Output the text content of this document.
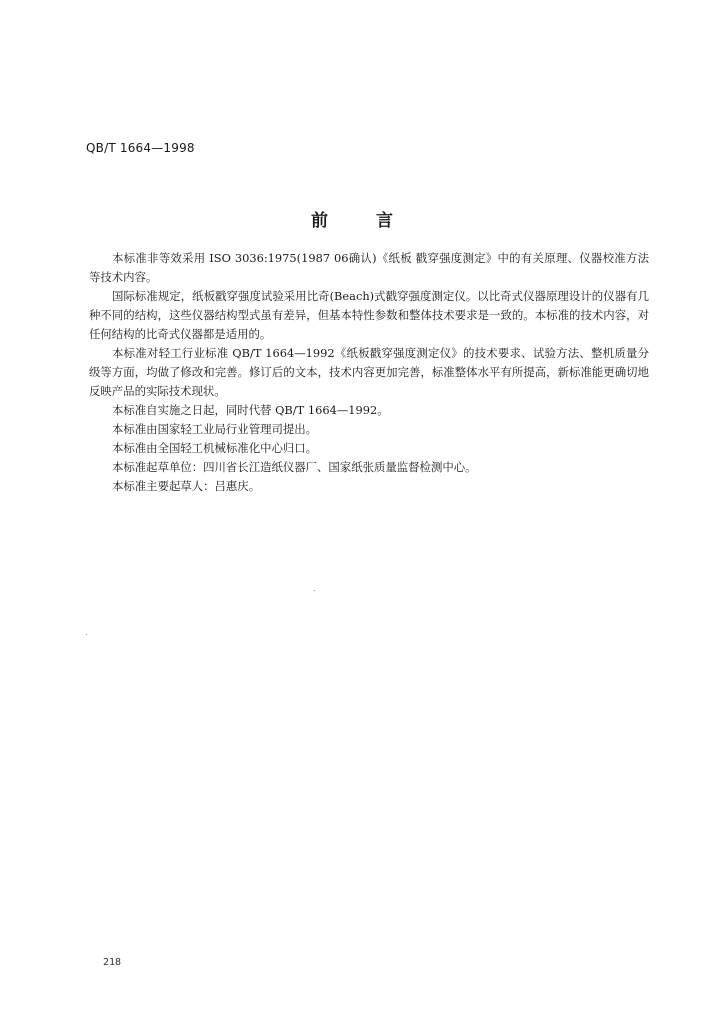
QB/T 1664—1998
前言

本标准非等效采用 ISO 3036:1975(1987 06确认)《纸板 戳穿强度测定》中的有关原理、仪器校准方法等技术内容。

国际标准规定，纸板戳穿强度试验采用比奇(Beach)式戳穿强度测定仪。以比奇式仪器原理设计的仪器有几种不同的结构，这些仪器结构型式虽有差异，但基本特性参数和整体技术要求是一致的。本标准的技术内容，对任何结构的比奇式仪器都是适用的。

本标准对轻工行业标准 QB/T 1664—1992《纸板戳穿强度测定仪》的技术要求、试验方法、整机质量分级等方面，均做了修改和完善。修订后的文本，技术内容更加完善，标准整体水平有所提高，新标准能更确切地反映产品的实际技术现状。

本标准自实施之日起，同时代替 QB/T 1664—1992。

本标准由国家轻工业局行业管理司提出。

本标准由全国轻工机械标准化中心归口。

本标准起草单位：四川省长江造纸仪器厂、国家纸张质量监督检测中心。

本标准主要起草人：吕惠庆。

218
